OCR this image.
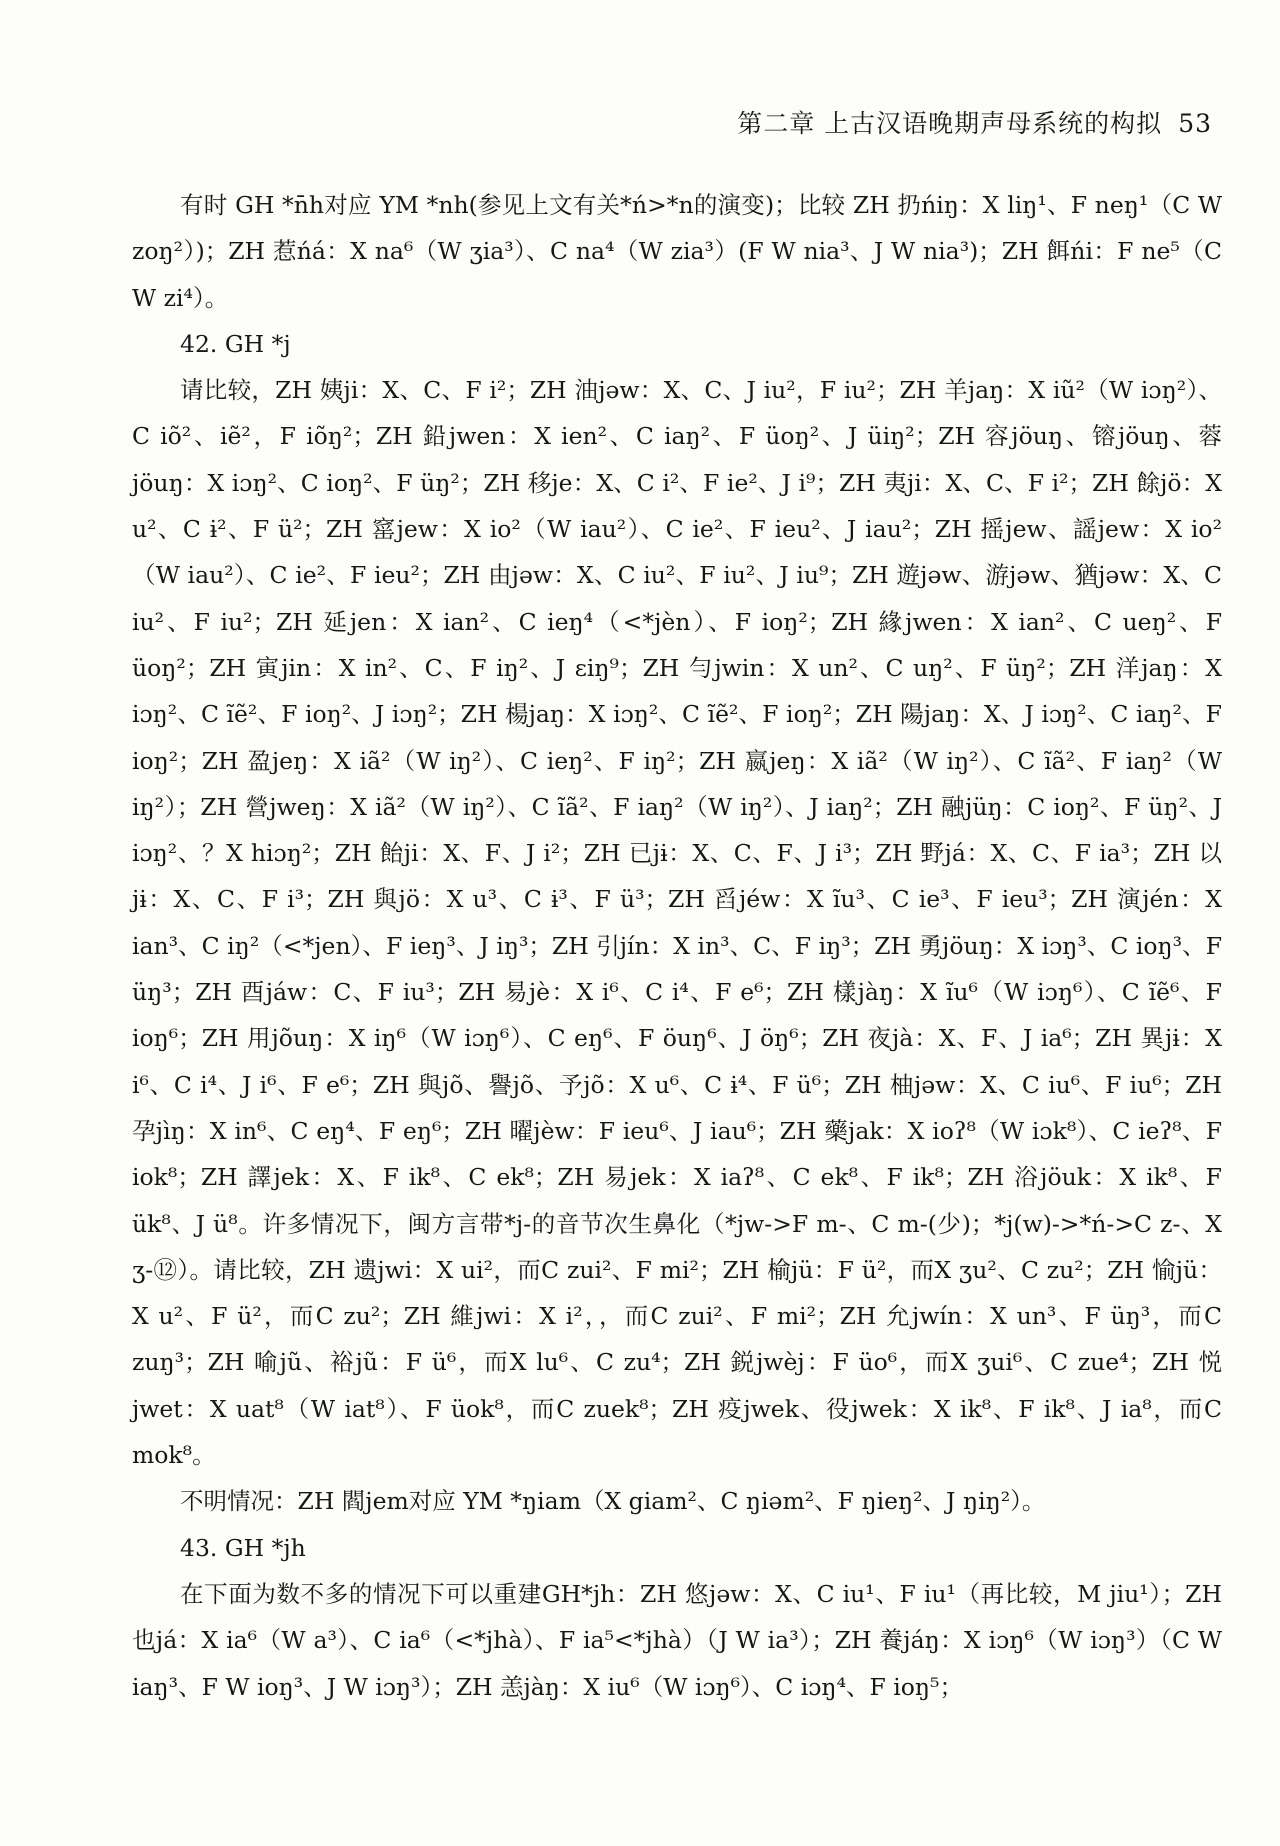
第二章 上古汉语晚期声母系统的构拟 53

有时 GH *n̄h对应 YM *nh(参见上文有关*ń>*n的演变)；比较 ZH 扔ńiŋ：X liŋ¹、F neŋ¹（C W zoŋ²）)；ZH 惹ńá：X na⁶（W ʒia³）、C na⁴（W zia³）(F W nia³、J W nia³)；ZH 餌ńi：F ne⁵（C W zi⁴）。

42. GH *j

请比较，ZH 姨ji：X、C、F i²；ZH 油jəw：X、C、J iu²，F iu²；ZH 羊jaŋ：X iũ²（W iɔŋ²）、C iõ²、iẽ²，F iõŋ²；ZH 鉛jwen：X ien²、C iaŋ²、F üoŋ²、J üiŋ²；ZH 容jöuŋ、镕jöuŋ、蓉jöuŋ：X iɔŋ²、C ioŋ²、F üŋ²；ZH 移je：X、C i²、F ie²、J i⁹；ZH 夷ji：X、C、F i²；ZH 餘jö：X u²、C ɨ²、F ü²；ZH 窰jew：X io²（W iau²）、C ie²、F ieu²、J iau²；ZH 摇jew、謡jew：X io²（W iau²）、C ie²、F ieu²；ZH 由jəw：X、C iu²、F iu²、J iu⁹；ZH 遊jəw、游jəw、猶jəw：X、C iu²、F iu²；ZH 延jen：X ian²、C ieŋ⁴（<*jèn）、F ioŋ²；ZH 緣jwen：X ian²、C ueŋ²、F üoŋ²；ZH 寅jin：X in²、C、F iŋ²、J ɛiŋ⁹；ZH 勻jwin：X un²、C uŋ²、F üŋ²；ZH 洋jaŋ：X iɔŋ²、C ĩẽ²、F ioŋ²、J iɔŋ²；ZH 楊jaŋ：X iɔŋ²、C ĩẽ²、F ioŋ²；ZH 陽jaŋ：X、J iɔŋ²、C iaŋ²、F ioŋ²；ZH 盈jeŋ：X iã²（W iŋ²）、C ieŋ²、F iŋ²；ZH 嬴jeŋ：X iã²（W iŋ²）、C ĩã²、F iaŋ²（W iŋ²）；ZH 營jweŋ：X iã²（W iŋ²）、C ĩã²、F iaŋ²（W iŋ²）、J iaŋ²；ZH 融jüŋ：C ioŋ²、F üŋ²、J iɔŋ²、？X hiɔŋ²；ZH 飴ji：X、F、J i²；ZH 已jɨ：X、C、F、J i³；ZH 野já：X、C、F ia³；ZH 以jɨ：X、C、F i³；ZH 與jö：X u³、C ɨ³、F ü³；ZH 舀jéw：X ĩu³、C ie³、F ieu³；ZH 演jén：X ian³、C iŋ²（<*jen）、F ieŋ³、J iŋ³；ZH 引jín：X in³、C、F iŋ³；ZH 勇jöuŋ：X iɔŋ³、C ioŋ³、F üŋ³；ZH 酉jáw：C、F iu³；ZH 易jè：X i⁶、C i⁴、F e⁶；ZH 樣jàŋ：X ĩu⁶（W iɔŋ⁶）、C ĩẽ⁶、F ioŋ⁶；ZH 用jõuŋ：X iŋ⁶（W iɔŋ⁶）、C eŋ⁶、F öuŋ⁶、J öŋ⁶；ZH 夜jà：X、F、J ia⁶；ZH 異jɨ：X i⁶、C i⁴、J i⁶、F e⁶；ZH 與jõ、譽jõ、予jõ：X u⁶、C ɨ⁴、F ü⁶；ZH 柚jəw：X、C iu⁶、F iu⁶；ZH 孕jìŋ：X in⁶、C eŋ⁴、F eŋ⁶；ZH 曜jèw：F ieu⁶、J iau⁶；ZH 藥jak：X ioʔ⁸（W iɔk⁸）、C ieʔ⁸、F iok⁸；ZH 譯jek：X、F ik⁸、C ek⁸；ZH 易jek：X iaʔ⁸、C ek⁸、F ik⁸；ZH 浴jöuk：X ik⁸、F ük⁸、J ü⁸。许多情况下，闽方言带*j-的音节次生鼻化（*jw->F m-、C m-(少)；*j(w)->*ń->C z-、X ʒ-⑫）。请比较，ZH 遗jwi：X ui²，而C zui²、F mi²；ZH 榆jü：F ü²，而X ʒu²、C zu²；ZH 愉jü：X u²、F ü²，而C zu²；ZH 維jwi：X i²，，而C zui²、F mi²；ZH 允jwín：X un³、F üŋ³，而C zuŋ³；ZH 喻jũ、裕jũ：F ü⁶，而X lu⁶、C zu⁴；ZH 鋭jwèj：F üo⁶，而X ʒui⁶、C zue⁴；ZH 悦jwet：X uat⁸（W iat⁸）、F üok⁸，而C zuek⁸；ZH 疫jwek、役jwek：X ik⁸、F ik⁸、J ia⁸，而C mok⁸。

不明情况：ZH 閻jem对应 YM *ŋiam（X giam²、C ŋiəm²、F ŋieŋ²、J ŋiŋ²）。

43. GH *jh

在下面为数不多的情况下可以重建GH*jh：ZH 悠jəw：X、C iu¹、F iu¹（再比较，M jiu¹）；ZH 也já：X ia⁶（W a³）、C ia⁶（<*jhà）、F ia⁵<*jhà）（J W ia³）；ZH 養jáŋ：X iɔŋ⁶（W iɔŋ³）（C W iaŋ³、F W ioŋ³、J W iɔŋ³）；ZH 恙jàŋ：X iu⁶（W iɔŋ⁶）、C iɔŋ⁴、F ioŋ⁵；
